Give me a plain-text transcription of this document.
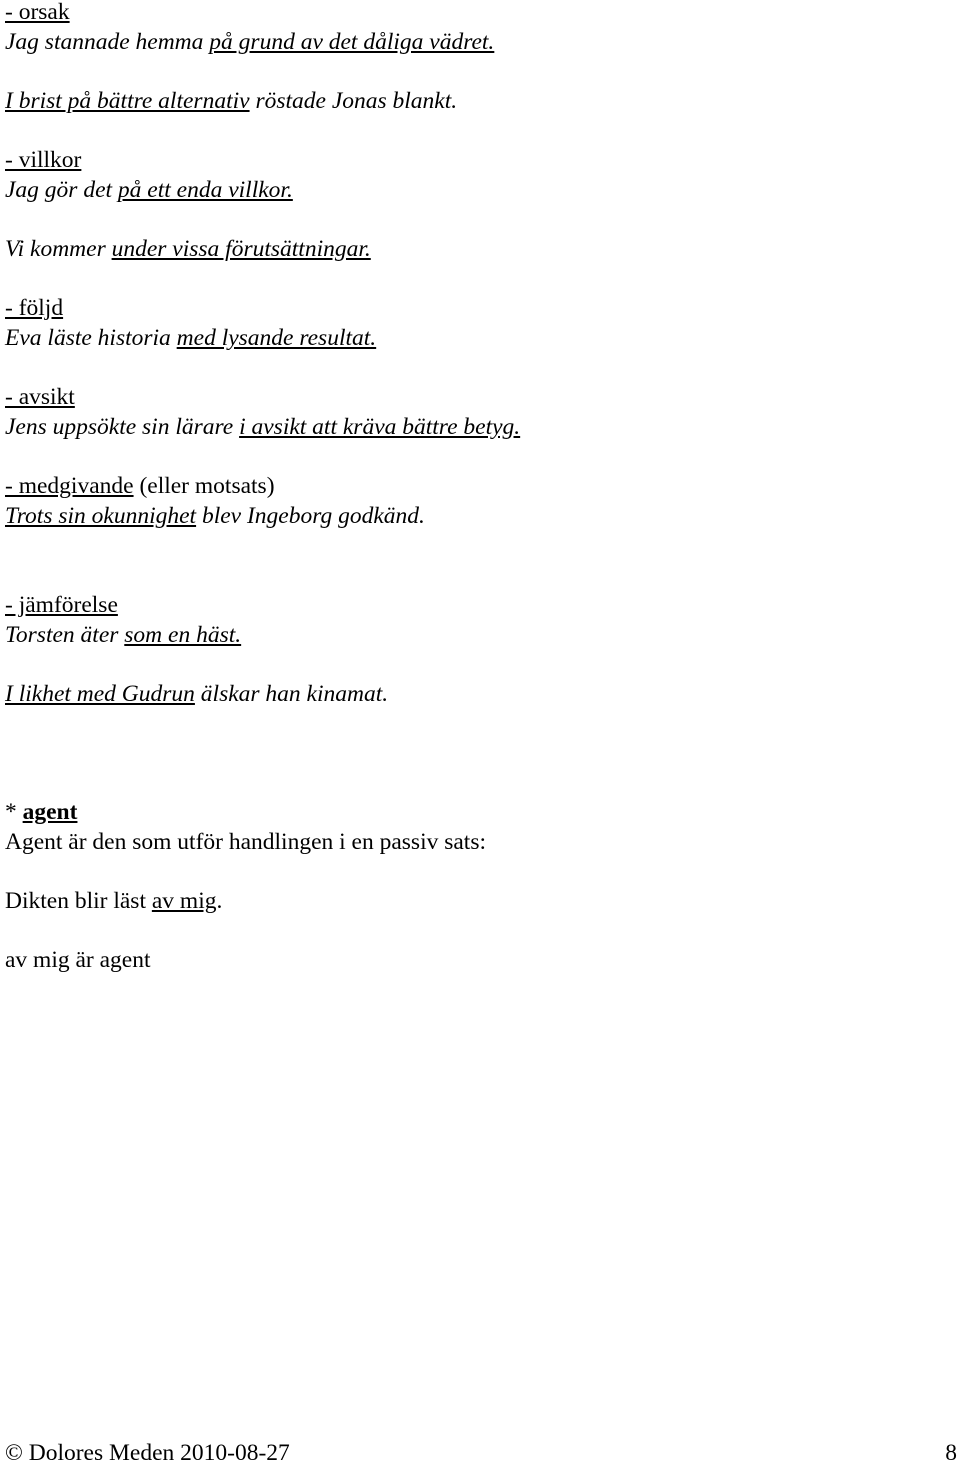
- orsak
Jag stannade hemma på grund av det dåliga vädret.
I brist på bättre alternativ röstade Jonas blankt.
- villkor
Jag gör det på ett enda villkor.
Vi kommer under vissa förutsättningar.
- följd
Eva läste historia med lysande resultat.
- avsikt
Jens uppsökte sin lärare i avsikt att kräva bättre betyg.
- medgivande (eller motsats)
Trots sin okunnighet blev Ingeborg godkänd.
- jämförelse
Torsten äter som en häst.
I likhet med Gudrun älskar han kinamat.
* agent
Agent är den som utför handlingen i en passiv sats:
Dikten blir läst av mig.
av mig är agent
© Dolores Meden 2010-08-27	8
